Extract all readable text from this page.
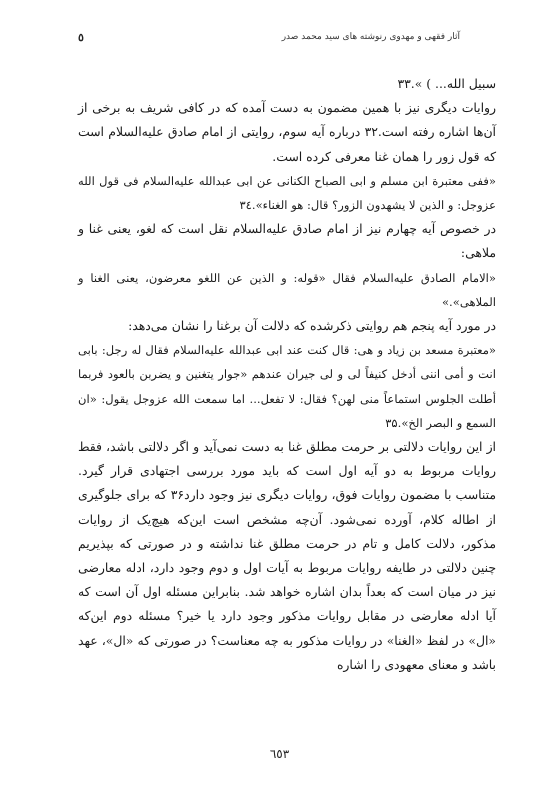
٥	آثار فقهی و مهدوی رنوشته های سید محمد صدر

سبیل الله... ) ».٣٣

روایات دیگری نیز با همین مضمون به دست آمده که در کافی شریف به برخی از آن‌ها اشاره رفته است.٣٢ درباره آیه سوم، روایتی از امام صادق علیه‌السلام است که قول زور را همان غنا معرفی کرده است.

«ففی معتبرة ابن مسلم و ابی الصباح الکنانی عن ابی عبدالله علیه‌السلام فی قول الله عزوجل: و الذین لا یشهدون الزور؟ قال: هو الغناء».٣٤

در خصوص آیه چهارم نیز از امام صادق علیه‌السلام نقل است که لغو، یعنی غنا و ملاهی:

«الامام الصادق علیه‌السلام فقال «قوله: و الذین عن اللغو معرضون، یعنی الغنا و الملاهی».»

در مورد آیه پنجم هم روایتی ذکرشده که دلالت آن برغنا را نشان می‌دهد:

«معتبرة مسعد بن زیاد و هی: قال کنت عند ابی عبدالله علیه‌السلام فقال له رجل: بابی انت و أمی اننی أدخل کنیفاً لی و لی جیران عندهم «جوار یتغنین و یضربن بالعود فربما أطلت الجلوس استماعاً منی لهن؟ فقال: لا تفعل... اما سمعت الله عزوجل یقول: «ان السمع و البصر الخ».٣۵

از این روایات دلالتی بر حرمت مطلق غنا به دست نمی‌آید و اگر دلالتی باشد، فقط روایات مربوط به دو آیه اول است که باید مورد بررسی اجتهادی قرار گیرد. متناسب با مضمون روایات فوق، روایات دیگری نیز وجود دارد٣۶ که برای جلوگیری از اطاله کلام، آورده نمی‌شود. آن‌چه مشخص است این‌که هیچ‌یک از روایات مذکور، دلالت کامل و تام در حرمت مطلق غنا نداشته و در صورتی که بپذیریم چنین دلالتی در طایفه روایات مربوط به آیات اول و دوم وجود دارد، ادله معارضی نیز در میان است که بعداً بدان اشاره خواهد شد. بنابراین مسئله اول آن است که آیا ادله معارضی در مقابل روایات مذکور وجود دارد یا خیر؟ مسئله دوم این‌که «ال» در لفظ «الغنا» در روایات مذکور به چه معناست؟ در صورتی که «ال»، عهد باشد و معنای معهودی را اشاره

٦٥٣
